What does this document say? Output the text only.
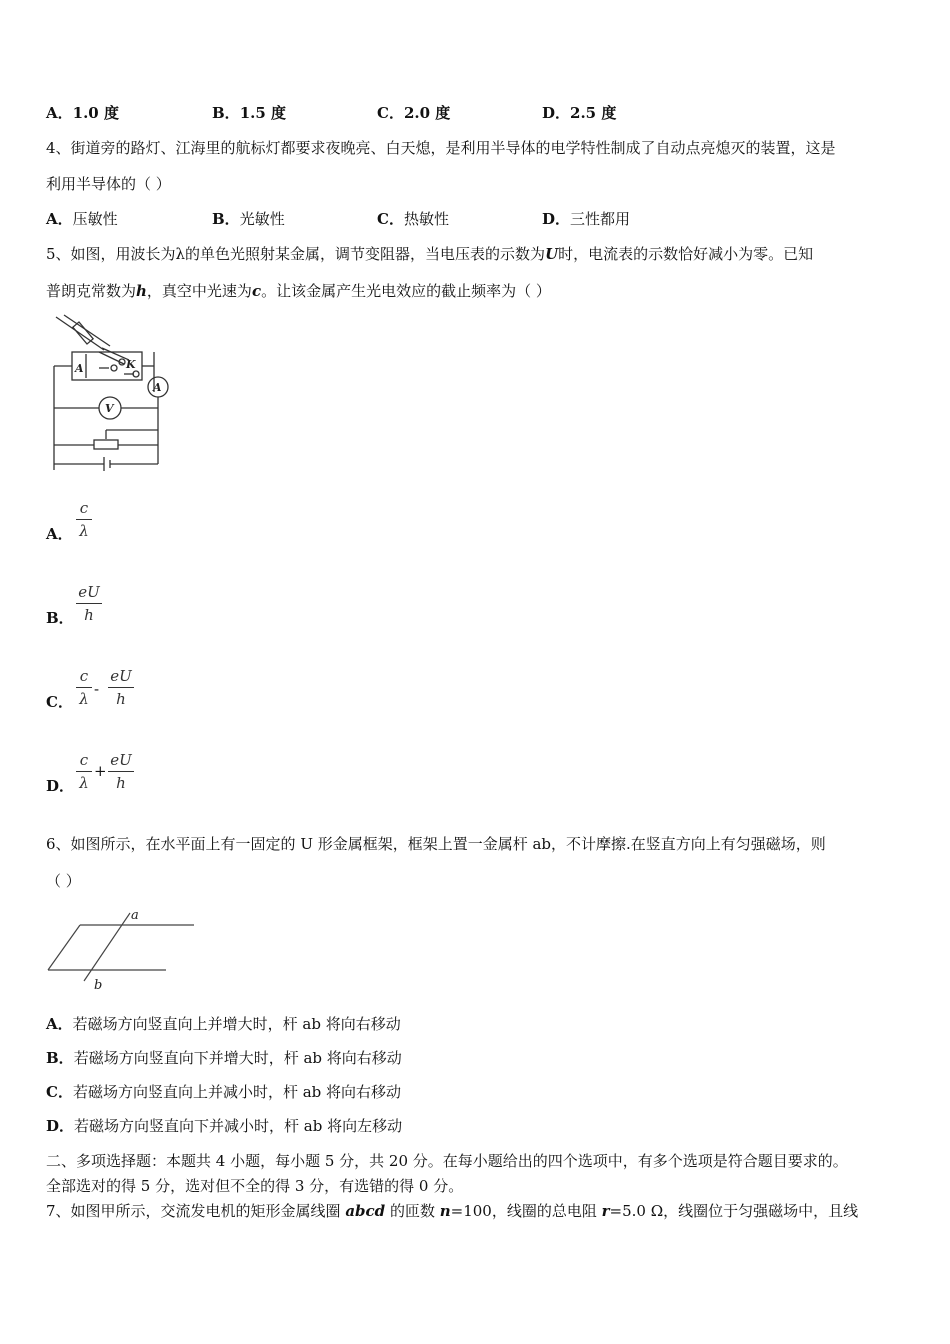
A．1.0 度	B．1.5 度	C．2.0 度	D．2.5 度
4、街道旁的路灯、江海里的航标灯都要求夜晚亮、白天熄，是利用半导体的电学特性制成了自动点亮熄灭的装置，这是
利用半导体的（ ）
A．压敏性	B．光敏性	C．热敏性	D．三性都用
5、如图，用波长为λ的单色光照射某金属，调节变阻器，当电压表的示数为U时，电流表的示数恰好减小为零。已知
普朗克常数为h，真空中光速为c。让该金属产生光电效应的截止频率为（ ）
A	K
A
V
A．
c
λ
B．
eU
h
C．
c
λ
-
eU
h
D．
c
λ
+
eU
h
6、如图所示，在水平面上有一固定的 U 形金属框架，框架上置一金属杆 ab，不计摩擦.在竖直方向上有匀强磁场，则
（ ）
a
b
A．若磁场方向竖直向上并增大时，杆 ab 将向右移动
B．若磁场方向竖直向下并增大时，杆 ab 将向右移动
C．若磁场方向竖直向上并减小时，杆 ab 将向右移动
D．若磁场方向竖直向下并减小时，杆 ab 将向左移动
二、多项选择题：本题共 4 小题，每小题 5 分，共 20 分。在每小题给出的四个选项中，有多个选项是符合题目要求的。
全部选对的得 5 分，选对但不全的得 3 分，有选错的得 0 分。
7、如图甲所示，交流发电机的矩形金属线圈 abcd 的匝数 n=100，线圈的总电阻 r=5.0 Ω，线圈位于匀强磁场中，且线
